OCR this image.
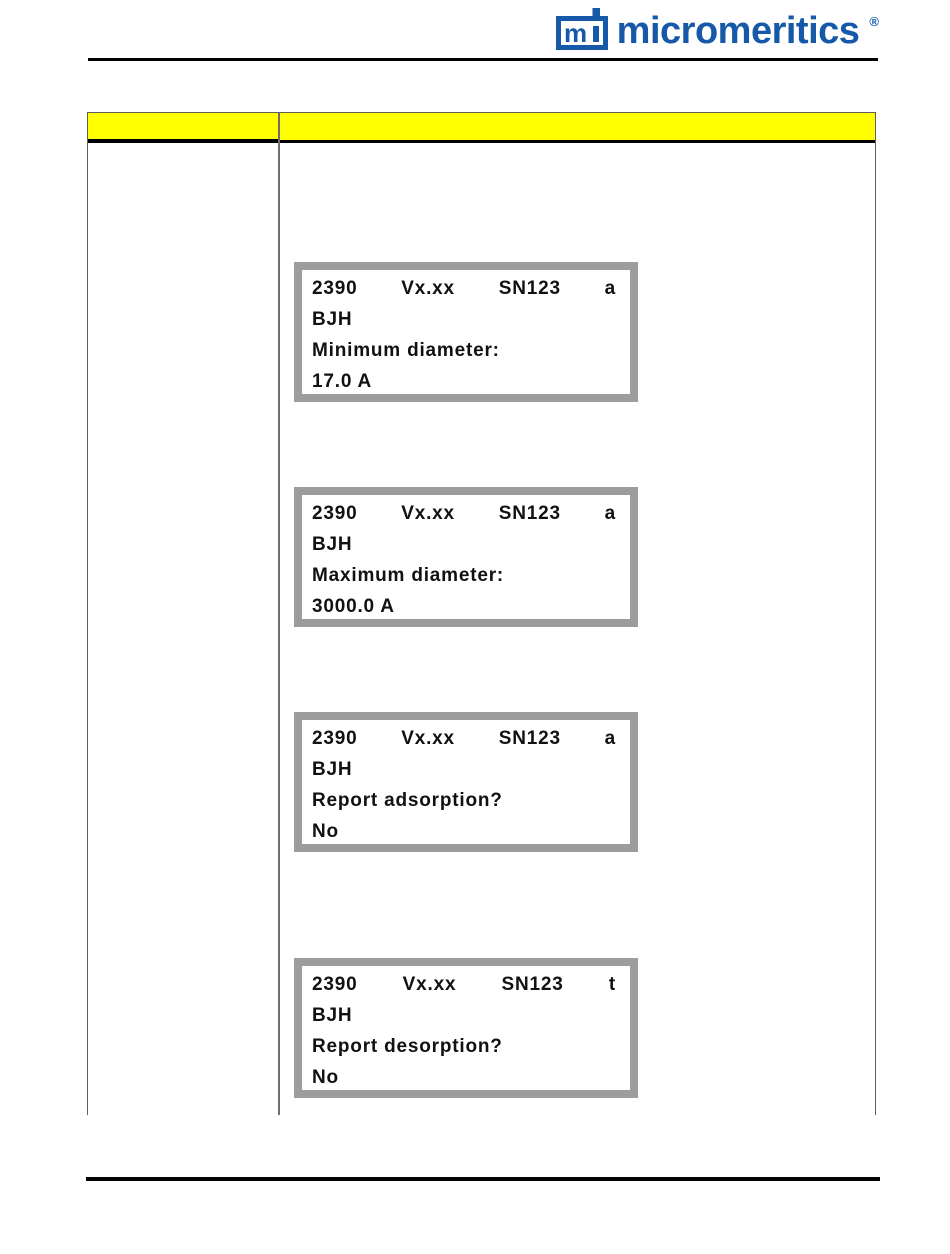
m micromeritics ®
2390 Vx.xx SN123 a
BJH
Minimum diameter:
17.0 A
2390 Vx.xx SN123 a
BJH
Maximum diameter:
3000.0 A
2390 Vx.xx SN123 a
BJH
Report adsorption?
No
2390 Vx.xx SN123 t
BJH
Report desorption?
No
